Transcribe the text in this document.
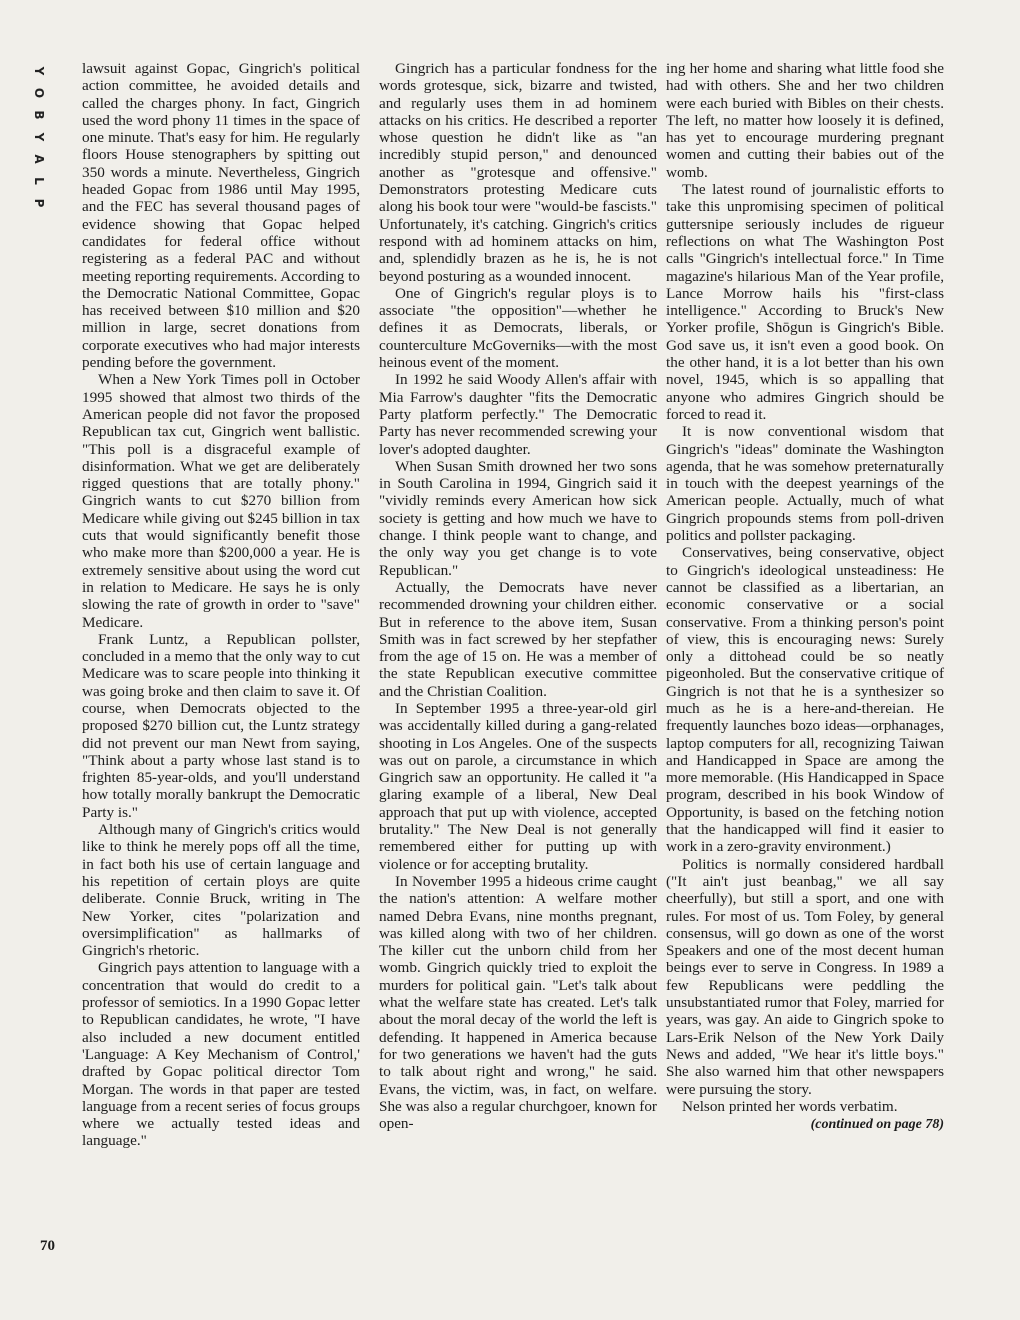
Y
O
B
Y
A
L
P

lawsuit against Gopac, Gingrich's political action committee, he avoided details and called the charges phony. In fact, Gingrich used the word phony 11 times in the space of one minute. That's easy for him. He regularly floors House stenographers by spitting out 350 words a minute. Nevertheless, Gingrich headed Gopac from 1986 until May 1995, and the FEC has several thousand pages of evidence showing that Gopac helped candidates for federal office without registering as a federal PAC and without meeting reporting requirements. According to the Democratic National Committee, Gopac has received between $10 million and $20 million in large, secret donations from corporate executives who had major interests pending before the government.

When a New York Times poll in October 1995 showed that almost two thirds of the American people did not favor the proposed Republican tax cut, Gingrich went ballistic. "This poll is a disgraceful example of disinformation. What we get are deliberately rigged questions that are totally phony." Gingrich wants to cut $270 billion from Medicare while giving out $245 billion in tax cuts that would significantly benefit those who make more than $200,000 a year. He is extremely sensitive about using the word cut in relation to Medicare. He says he is only slowing the rate of growth in order to "save" Medicare.

Frank Luntz, a Republican pollster, concluded in a memo that the only way to cut Medicare was to scare people into thinking it was going broke and then claim to save it. Of course, when Democrats objected to the proposed $270 billion cut, the Luntz strategy did not prevent our man Newt from saying, "Think about a party whose last stand is to frighten 85-year-olds, and you'll understand how totally morally bankrupt the Democratic Party is."

Although many of Gingrich's critics would like to think he merely pops off all the time, in fact both his use of certain language and his repetition of certain ploys are quite deliberate. Connie Bruck, writing in The New Yorker, cites "polarization and oversimplification" as hallmarks of Gingrich's rhetoric.

Gingrich pays attention to language with a concentration that would do credit to a professor of semiotics. In a 1990 Gopac letter to Republican candidates, he wrote, "I have also included a new document entitled 'Language: A Key Mechanism of Control,' drafted by Gopac political director Tom Morgan. The words in that paper are tested language from a recent series of focus groups where we actually tested ideas and language."

Gingrich has a particular fondness for the words grotesque, sick, bizarre and twisted, and regularly uses them in ad hominem attacks on his critics. He described a reporter whose question he didn't like as "an incredibly stupid person," and denounced another as "grotesque and offensive." Demonstrators protesting Medicare cuts along his book tour were "would-be fascists." Unfortunately, it's catching. Gingrich's critics respond with ad hominem attacks on him, and, splendidly brazen as he is, he is not beyond posturing as a wounded innocent.

One of Gingrich's regular ploys is to associate "the opposition"—whether he defines it as Democrats, liberals, or counterculture McGoverniks—with the most heinous event of the moment.

In 1992 he said Woody Allen's affair with Mia Farrow's daughter "fits the Democratic Party platform perfectly." The Democratic Party has never recommended screwing your lover's adopted daughter.

When Susan Smith drowned her two sons in South Carolina in 1994, Gingrich said it "vividly reminds every American how sick society is getting and how much we have to change. I think people want to change, and the only way you get change is to vote Republican."

Actually, the Democrats have never recommended drowning your children either. But in reference to the above item, Susan Smith was in fact screwed by her stepfather from the age of 15 on. He was a member of the state Republican executive committee and the Christian Coalition.

In September 1995 a three-year-old girl was accidentally killed during a gang-related shooting in Los Angeles. One of the suspects was out on parole, a circumstance in which Gingrich saw an opportunity. He called it "a glaring example of a liberal, New Deal approach that put up with violence, accepted brutality." The New Deal is not generally remembered either for putting up with violence or for accepting brutality.

In November 1995 a hideous crime caught the nation's attention: A welfare mother named Debra Evans, nine months pregnant, was killed along with two of her children. The killer cut the unborn child from her womb. Gingrich quickly tried to exploit the murders for political gain. "Let's talk about what the welfare state has created. Let's talk about the moral decay of the world the left is defending. It happened in America because for two generations we haven't had the guts to talk about right and wrong," he said. Evans, the victim, was, in fact, on welfare. She was also a regular churchgoer, known for open-

ing her home and sharing what little food she had with others. She and her two children were each buried with Bibles on their chests. The left, no matter how loosely it is defined, has yet to encourage murdering pregnant women and cutting their babies out of the womb.

The latest round of journalistic efforts to take this unpromising specimen of political guttersnipe seriously includes de rigueur reflections on what The Washington Post calls "Gingrich's intellectual force." In Time magazine's hilarious Man of the Year profile, Lance Morrow hails his "first-class intelligence." According to Bruck's New Yorker profile, Shōgun is Gingrich's Bible. God save us, it isn't even a good book. On the other hand, it is a lot better than his own novel, 1945, which is so appalling that anyone who admires Gingrich should be forced to read it.

It is now conventional wisdom that Gingrich's "ideas" dominate the Washington agenda, that he was somehow preternaturally in touch with the deepest yearnings of the American people. Actually, much of what Gingrich propounds stems from poll-driven politics and pollster packaging.

Conservatives, being conservative, object to Gingrich's ideological unsteadiness: He cannot be classified as a libertarian, an economic conservative or a social conservative. From a thinking person's point of view, this is encouraging news: Surely only a dittohead could be so neatly pigeonholed. But the conservative critique of Gingrich is not that he is a synthesizer so much as he is a here-and-thereian. He frequently launches bozo ideas—orphanages, laptop computers for all, recognizing Taiwan and Handicapped in Space are among the more memorable. (His Handicapped in Space program, described in his book Window of Opportunity, is based on the fetching notion that the handicapped will find it easier to work in a zero-gravity environment.)

Politics is normally considered hardball ("It ain't just beanbag," we all say cheerfully), but still a sport, and one with rules. For most of us. Tom Foley, by general consensus, will go down as one of the worst Speakers and one of the most decent human beings ever to serve in Congress. In 1989 a few Republicans were peddling the unsubstantiated rumor that Foley, married for years, was gay. An aide to Gingrich spoke to Lars-Erik Nelson of the New York Daily News and added, "We hear it's little boys." She also warned him that other newspapers were pursuing the story.

Nelson printed her words verbatim.

(continued on page 78)
70
